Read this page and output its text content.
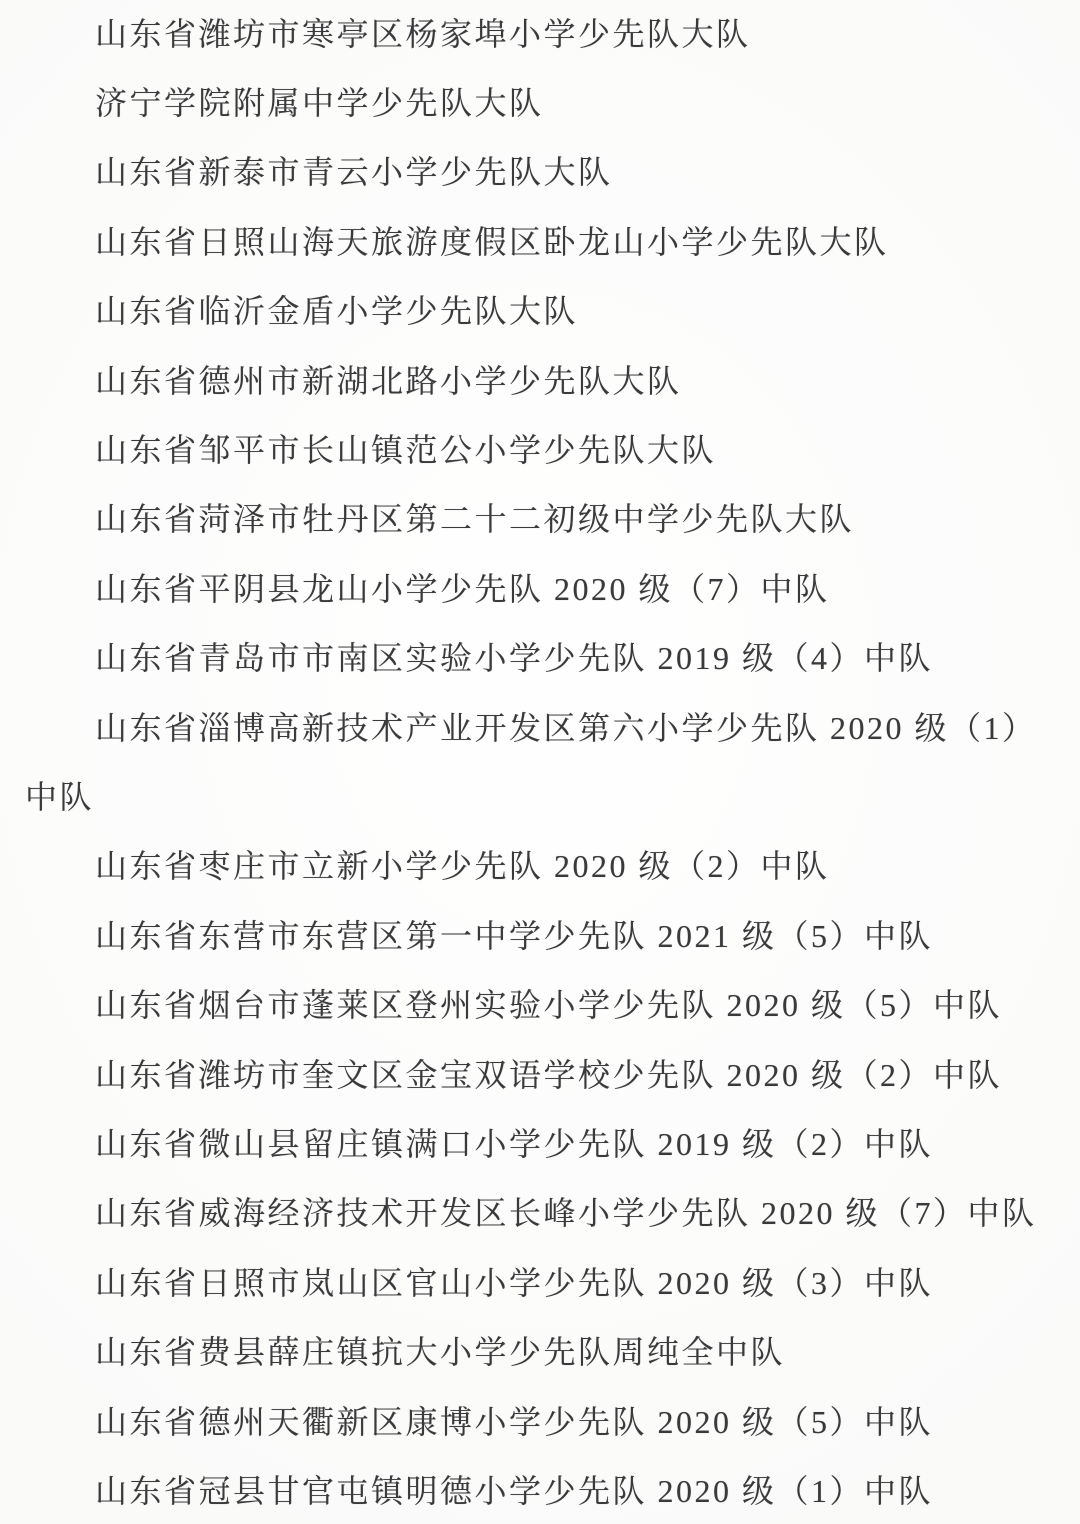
山东省潍坊市寒亭区杨家埠小学少先队大队
济宁学院附属中学少先队大队
山东省新泰市青云小学少先队大队
山东省日照山海天旅游度假区卧龙山小学少先队大队
山东省临沂金盾小学少先队大队
山东省德州市新湖北路小学少先队大队
山东省邹平市长山镇范公小学少先队大队
山东省菏泽市牡丹区第二十二初级中学少先队大队
山东省平阴县龙山小学少先队 2020 级（7）中队
山东省青岛市市南区实验小学少先队 2019 级（4）中队
山东省淄博高新技术产业开发区第六小学少先队 2020 级（1）
中队
山东省枣庄市立新小学少先队 2020 级（2）中队
山东省东营市东营区第一中学少先队 2021 级（5）中队
山东省烟台市蓬莱区登州实验小学少先队 2020 级（5）中队
山东省潍坊市奎文区金宝双语学校少先队 2020 级（2）中队
山东省微山县留庄镇满口小学少先队 2019 级（2）中队
山东省威海经济技术开发区长峰小学少先队 2020 级（7）中队
山东省日照市岚山区官山小学少先队 2020 级（3）中队
山东省费县薛庄镇抗大小学少先队周纯全中队
山东省德州天衢新区康博小学少先队 2020 级（5）中队
山东省冠县甘官屯镇明德小学少先队 2020 级（1）中队
